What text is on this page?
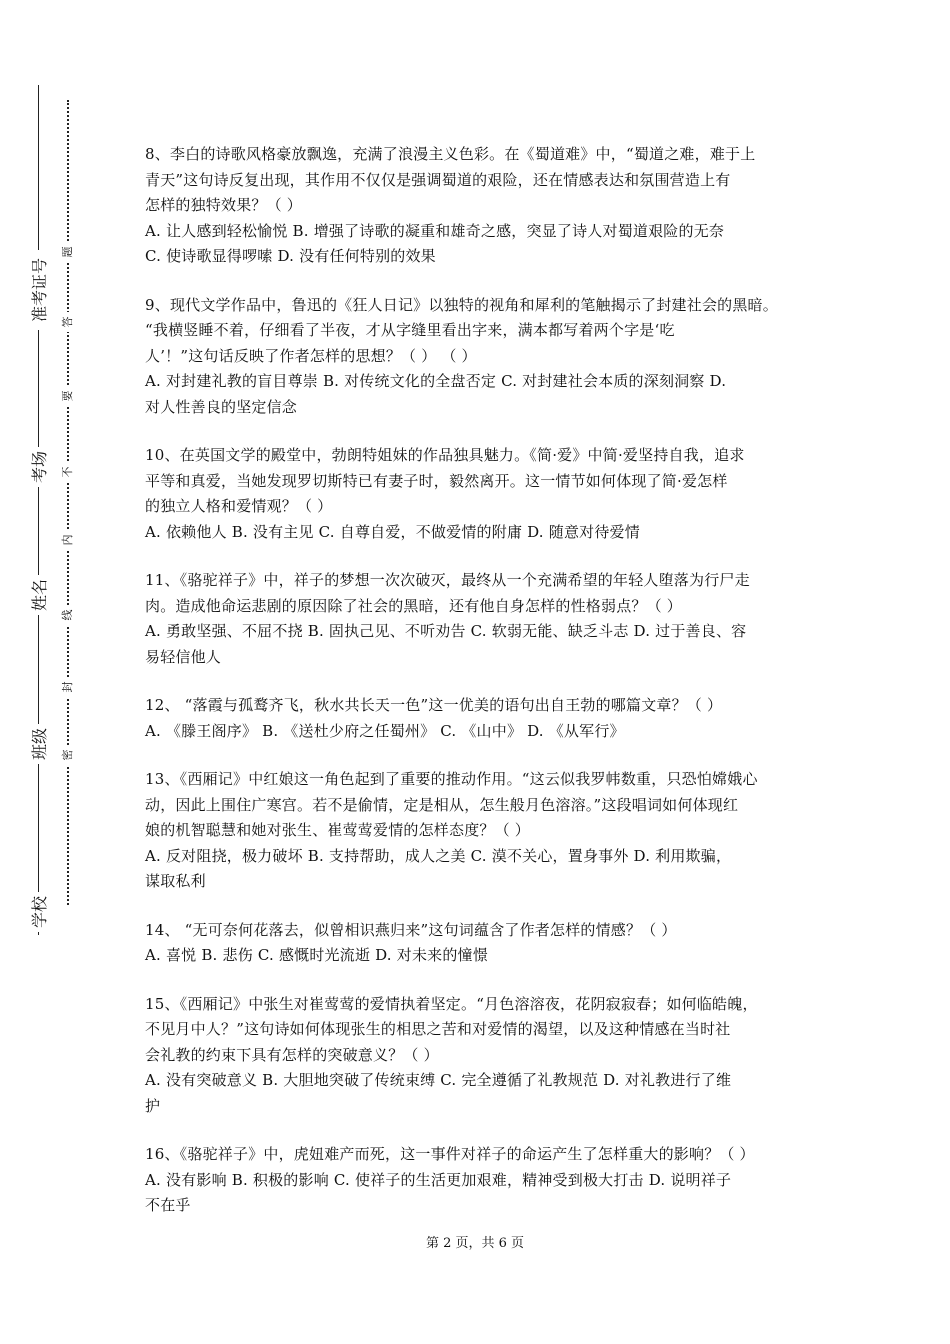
准考证号
考场
姓名
班级
学校
题
答
要
不
内
线
封
密

8、李白的诗歌风格豪放飘逸，充满了浪漫主义色彩。在《蜀道难》中，“蜀道之难，难于上

青天”这句诗反复出现，其作用不仅仅是强调蜀道的艰险，还在情感表达和氛围营造上有

怎样的独特效果？（ ）

A. 让人感到轻松愉悦 B. 增强了诗歌的凝重和雄奇之感，突显了诗人对蜀道艰险的无奈

C. 使诗歌显得啰嗦 D. 没有任何特别的效果

9、现代文学作品中，鲁迅的《狂人日记》以独特的视角和犀利的笔触揭示了封建社会的黑暗。

“我横竖睡不着，仔细看了半夜，才从字缝里看出字来，满本都写着两个字是‘吃

人’！”这句话反映了作者怎样的思想？（ ） （ ）

A. 对封建礼教的盲目尊崇 B. 对传统文化的全盘否定 C. 对封建社会本质的深刻洞察 D.

对人性善良的坚定信念

10、在英国文学的殿堂中，勃朗特姐妹的作品独具魅力。《简·爱》中简·爱坚持自我，追求

平等和真爱，当她发现罗切斯特已有妻子时，毅然离开。这一情节如何体现了简·爱怎样

的独立人格和爱情观？（ ）

A. 依赖他人 B. 没有主见 C. 自尊自爱，不做爱情的附庸 D. 随意对待爱情

11、《骆驼祥子》中，祥子的梦想一次次破灭，最终从一个充满希望的年轻人堕落为行尸走

肉。造成他命运悲剧的原因除了社会的黑暗，还有他自身怎样的性格弱点？（ ）

A. 勇敢坚强、不屈不挠 B. 固执己见、不听劝告 C. 软弱无能、缺乏斗志 D. 过于善良、容

易轻信他人

12、 “落霞与孤鹜齐飞，秋水共长天一色”这一优美的语句出自王勃的哪篇文章？（ ）

A. 《滕王阁序》 B. 《送杜少府之任蜀州》 C. 《山中》 D. 《从军行》

13、《西厢记》中红娘这一角色起到了重要的推动作用。“这云似我罗帏数重，只恐怕嫦娥心

动，因此上围住广寒宫。若不是偷情，定是相从，怎生般月色溶溶。”这段唱词如何体现红

娘的机智聪慧和她对张生、崔莺莺爱情的怎样态度？（ ）

A. 反对阻挠，极力破坏 B. 支持帮助，成人之美 C. 漠不关心，置身事外 D. 利用欺骗，

谋取私利

14、 “无可奈何花落去，似曾相识燕归来”这句词蕴含了作者怎样的情感？（ ）

A. 喜悦 B. 悲伤 C. 感慨时光流逝 D. 对未来的憧憬

15、《西厢记》中张生对崔莺莺的爱情执着坚定。“月色溶溶夜，花阴寂寂春；如何临皓魄，

不见月中人？”这句诗如何体现张生的相思之苦和对爱情的渴望，以及这种情感在当时社

会礼教的约束下具有怎样的突破意义？（ ）

A. 没有突破意义 B. 大胆地突破了传统束缚 C. 完全遵循了礼教规范 D. 对礼教进行了维

护

16、《骆驼祥子》中，虎妞难产而死，这一事件对祥子的命运产生了怎样重大的影响？（ ）

A. 没有影响 B. 积极的影响 C. 使祥子的生活更加艰难，精神受到极大打击 D. 说明祥子

不在乎

第 2 页，共 6 页
